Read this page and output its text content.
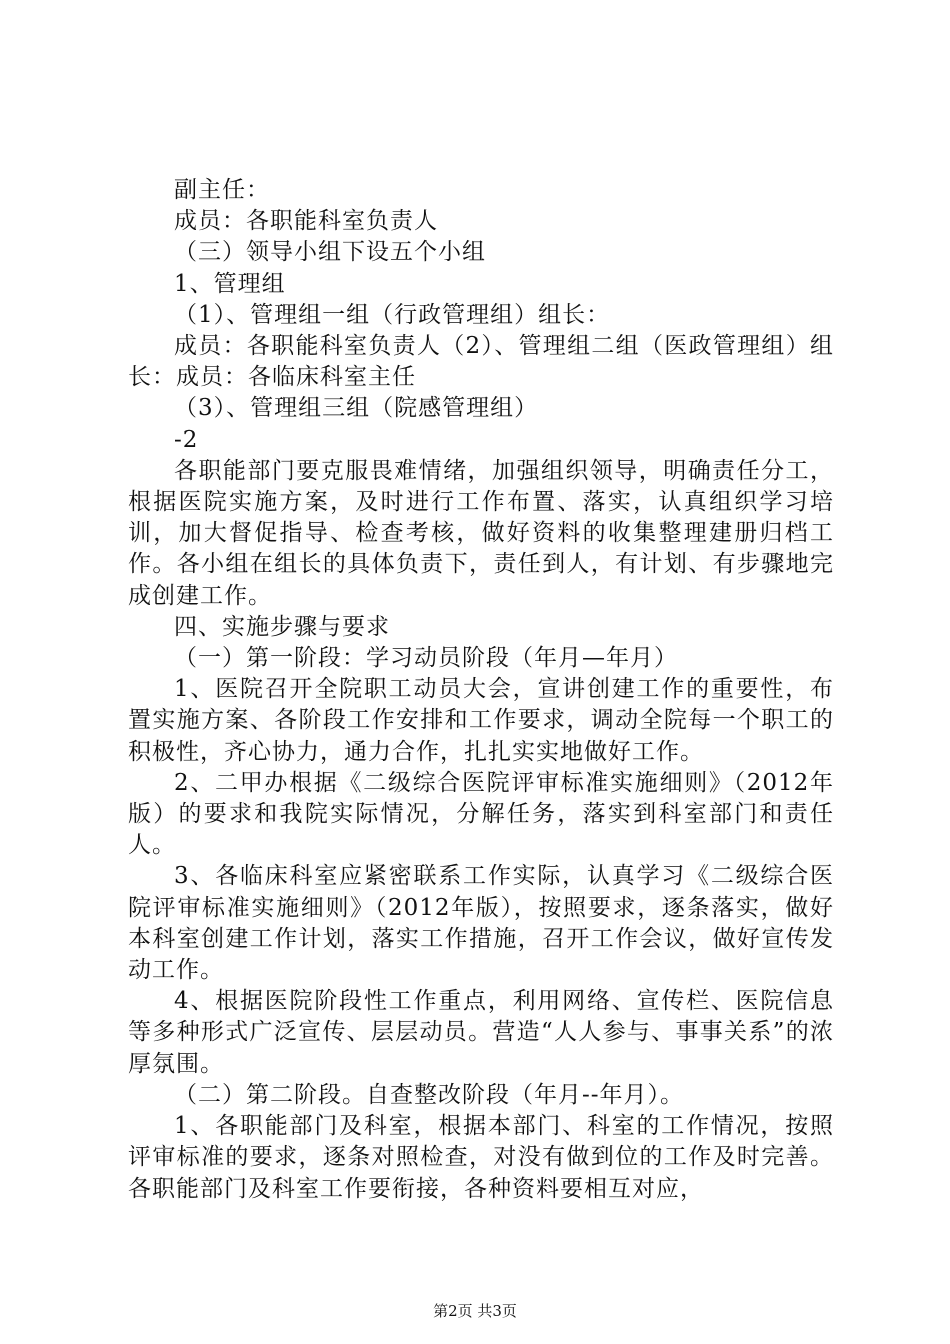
副主任：
成员：各职能科室负责人
（三）领导小组下设五个小组
1、管理组
（1）、管理组一组（行政管理组）组长：
成员：各职能科室负责人（2）、管理组二组（医政管理组）组长：成员：各临床科室主任
（3）、管理组三组（院感管理组）
-2
各职能部门要克服畏难情绪，加强组织领导，明确责任分工，根据医院实施方案，及时进行工作布置、落实，认真组织学习培训，加大督促指导、检查考核，做好资料的收集整理建册归档工作。各小组在组长的具体负责下，责任到人，有计划、有步骤地完成创建工作。
四、实施步骤与要求
（一）第一阶段：学习动员阶段（年月—年月）
1、医院召开全院职工动员大会，宣讲创建工作的重要性，布置实施方案、各阶段工作安排和工作要求，调动全院每一个职工的积极性，齐心协力，通力合作，扎扎实实地做好工作。
2、二甲办根据《二级综合医院评审标准实施细则》（2012年版）的要求和我院实际情况，分解任务，落实到科室部门和责任人。
3、各临床科室应紧密联系工作实际，认真学习《二级综合医院评审标准实施细则》（2012年版），按照要求，逐条落实，做好本科室创建工作计划，落实工作措施，召开工作会议，做好宣传发动工作。
4、根据医院阶段性工作重点，利用网络、宣传栏、医院信息等多种形式广泛宣传、层层动员。营造“人人参与、事事关系”的浓厚氛围。
（二）第二阶段。自查整改阶段（年月--年月）。
1、各职能部门及科室，根据本部门、科室的工作情况，按照评审标准的要求，逐条对照检查，对没有做到位的工作及时完善。各职能部门及科室工作要衔接，各种资料要相互对应，
第2页 共3页
